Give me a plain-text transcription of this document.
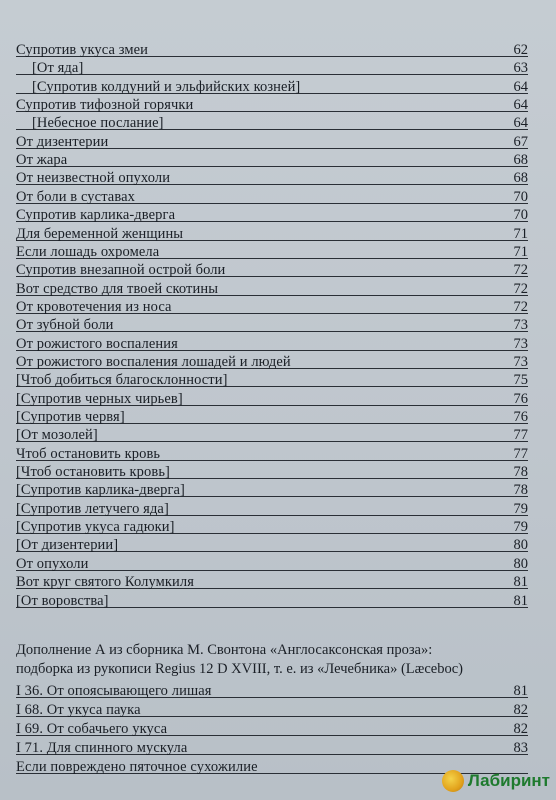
Дополнение А из сборника М. Свонтона «Англосаксонская проза»:
подборка из рукописи Regius 12 D XVIII, т. е. из «Лечебника» (Læceboc)
Супротив укуса змеи	62
[От яда]	63
[Супротив колдуний и эльфийских козней]	64
Супротив тифозной горячки	64
[Небесное послание]	64
От дизентерии	67
От жара	68
От неизвестной опухоли	68
От боли в суставах	70
Супротив карлика-дверга	70
Для беременной женщины	71
Если лошадь охромела	71
Супротив внезапной острой боли	72
Вот средство для твоей скотины	72
От кровотечения из носа	72
От зубной боли	73
От рожистого воспаления	73
От рожистого воспаления лошадей и людей	73
[Чтоб добиться благосклонности]	75
[Супротив черных чирьев]	76
[Супротив червя]	76
[От мозолей]	77
Чтоб остановить кровь	77
[Чтоб остановить кровь]	78
[Супротив карлика-дверга]	78
[Супротив летучего яда]	79
[Супротив укуса гадюки]	79
[От дизентерии]	80
От опухоли	80
Вот круг святого Колумкиля	81
[От воровства]	81
I 36. От опоясывающего лишая	81
I 68. От укуса паука	82
I 69. От собачьего укуса	82
I 71. Для спинного мускула	83
Если повреждено пяточное сухожилие
Лабиринт
